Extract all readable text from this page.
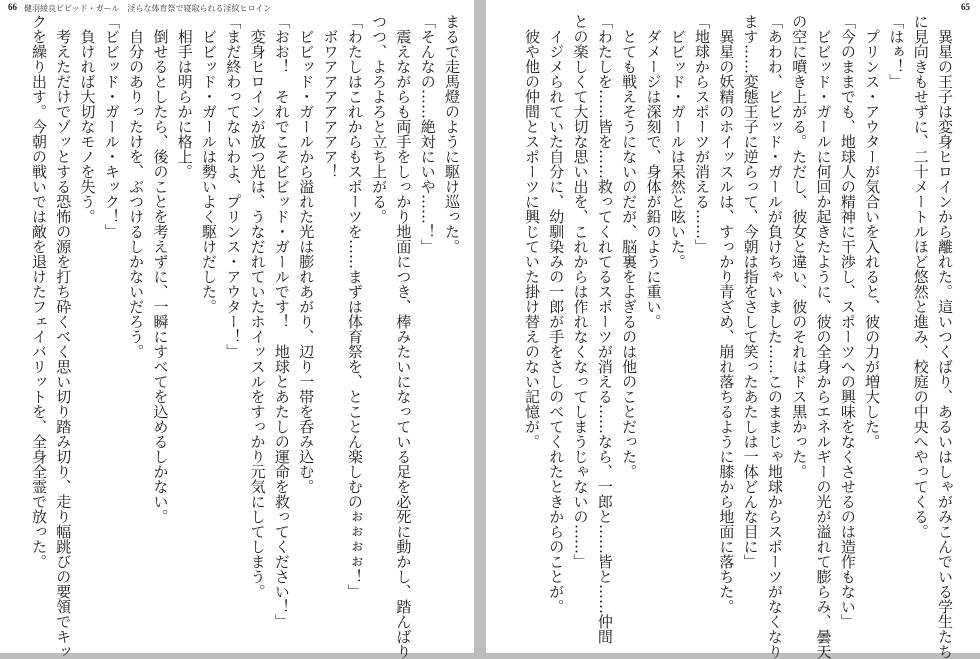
66 健羽綾良ビビッド・ガール　淫らな体育祭で寝取られる淫紋ヒロイン
まるで走馬燈のように駆け巡った。
「そんなの……絶対にいや……！」
　震えながらも両手をしっかり地面につき、棒みたいになっている足を必死に動かし、踏んばり
つつ、よろよろと立ち上がる。
「わたしはこれからもスポーツを……まずは体育祭を、とことん楽しむのぉぉぉぉ！」
　ボワアアアアアアア！
　ビビッド・ガールから溢れた光は膨れあがり、辺り一帯を呑み込む。
「おお！　それでこそビビッド・ガールです！　地球とあたしの運命を救ってください！」
　変身ヒロインが放つ光は、うなだれていたホイッスルをすっかり元気にしてしまう。
「まだ終わってないわよ、プリンス・アウター！」
　ビビッド・ガールは勢いよく駆けだした。
　相手は明らかに格上。
　倒せるとしたら、後のことを考えずに、一瞬にすべてを込めるしかない。
　自分のありったけを、ぶつけるしかないだろう。
「ビビッド・ガール・キック！」
　負ければ大切なモノを失う。
　考えただけでゾッとする恐怖の源を打ち砕くべく思い切り踏み切り、走り幅跳びの要領でキッ
クを繰り出す。今朝の戦いでは敵を退けたフェイバリットを、全身全霊で放った。
65
　異星の王子は変身ヒロインから離れた。這いつくばり、あるいはしゃがみこんでいる学生たち
に見向きもせずに、二十メートルほど悠然と進み、校庭の中央へやってくる。
「はぁ！」
　プリンス・アウターが気合いを入れると、彼の力が増大した。
「今のままでも、地球人の精神に干渉し、スポーツへの興味をなくさせるのは造作もない」
　ビビッド・ガールに何回か起きたように、彼の全身からエネルギーの光が溢れて膨らみ、曇天
の空に噴き上がる。ただし、彼女と違い、彼のそれはドス黒かった。
「あわわ、ビビッド・ガールが負けちゃいました……このままじゃ地球からスポーツがなくなり
ます……変態王子に逆らって、今朝は指をさして笑ったあたしは一体どんな目に」
　異星の妖精のホイッスルは、すっかり青ざめ、崩れ落ちるように膝から地面に落ちた。
「地球からスポーツが消える……」
　ビビッド・ガールは呆然と呟いた。
　ダメージは深刻で、身体が鉛のように重い。
　とても戦えそうにないのだが、脳裏をよぎるのは他のことだった。
「わたしを……皆を……救ってくれてるスポーツが消える……なら、一郎と……皆と……仲間
との楽しくて大切な思い出を、これからは作れなくなってしまうじゃないの……」
　イジメられていた自分に、幼馴染みの一郎が手をさしのべてくれたときからのことが。
　彼や他の仲間とスポーツに興じていた掛け替えのない記憶が。
